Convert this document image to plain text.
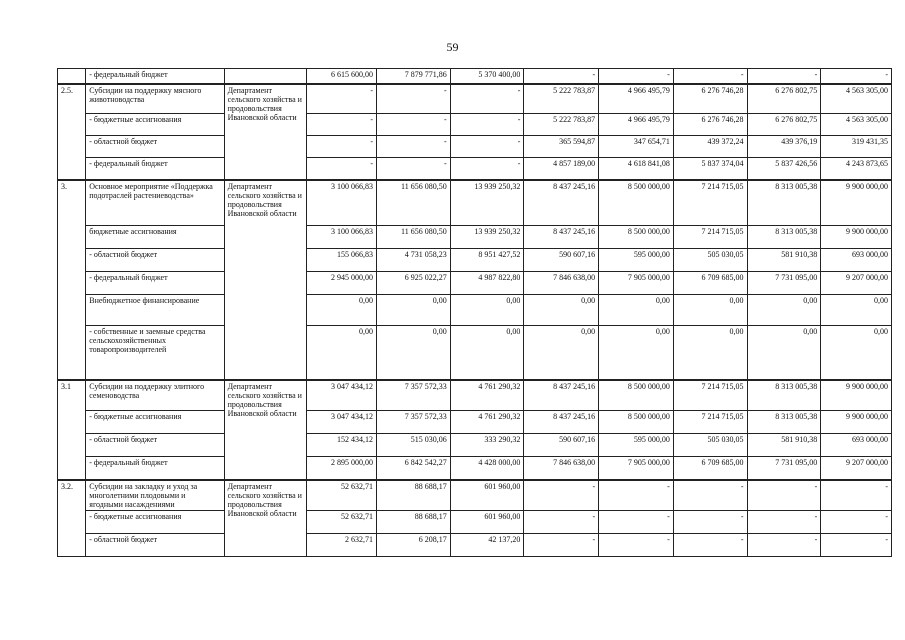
59
	- федеральный бюджет		6 615 600,00	7 879 771,86	5 370 400,00	-	-	-	-	-
2.5.	Субсидии на поддержку мясного животноводства	Департамент сельского хозяйства и продовольствия Ивановской области	-	-	-	5 222 783,87	4 966 495,79	6 276 746,28	6 276 802,75	4 563 305,00
	- бюджетные ассигнования		-	-	-	5 222 783,87	4 966 495,79	6 276 746,28	6 276 802,75	4 563 305,00
	- областной бюджет		-	-	-	365 594,87	347 654,71	439 372,24	439 376,19	319 431,35
	- федеральный бюджет		-	-	-	4 857 189,00	4 618 841,08	5 837 374,04	5 837 426,56	4 243 873,65
3.	Основное мероприятие «Поддержка подотраслей растениеводства»	Департамент сельского хозяйства и продовольствия Ивановской области	3 100 066,83	11 656 080,50	13 939 250,32	8 437 245,16	8 500 000,00	7 214 715,05	8 313 005,38	9 900 000,00
	бюджетные ассигнования		3 100 066,83	11 656 080,50	13 939 250,32	8 437 245,16	8 500 000,00	7 214 715,05	8 313 005,38	9 900 000,00
	- областной бюджет		155 066,83	4 731 058,23	8 951 427,52	590 607,16	595 000,00	505 030,05	581 910,38	693 000,00
	- федеральный бюджет		2 945 000,00	6 925 022,27	4 987 822,80	7 846 638,00	7 905 000,00	6 709 685,00	7 731 095,00	9 207 000,00
	Внебюджетное финансирование		0,00	0,00	0,00	0,00	0,00	0,00	0,00	0,00
	- собственные и заемные средства сельскохозяйственных товаропроизводителей		0,00	0,00	0,00	0,00	0,00	0,00	0,00	0,00
3.1	Субсидии на поддержку элитного семеноводства	Департамент сельского хозяйства и продовольствия Ивановской области	3 047 434,12	7 357 572,33	4 761 290,32	8 437 245,16	8 500 000,00	7 214 715,05	8 313 005,38	9 900 000,00
	- бюджетные ассигнования		3 047 434,12	7 357 572,33	4 761 290,32	8 437 245,16	8 500 000,00	7 214 715,05	8 313 005,38	9 900 000,00
	- областной бюджет		152 434,12	515 030,06	333 290,32	590 607,16	595 000,00	505 030,05	581 910,38	693 000,00
	- федеральный бюджет		2 895 000,00	6 842 542,27	4 428 000,00	7 846 638,00	7 905 000,00	6 709 685,00	7 731 095,00	9 207 000,00
3.2.	Субсидии на закладку и уход за многолетними плодовыми и ягодными насаждениями	Департамент сельского хозяйства и продовольствия Ивановской области	52 632,71	88 688,17	601 960,00	-	-	-	-	-
	- бюджетные ассигнования		52 632,71	88 688,17	601 960,00	-	-	-	-	-
	- областной бюджет		2 632,71	6 208,17	42 137,20	-	-	-	-	-
